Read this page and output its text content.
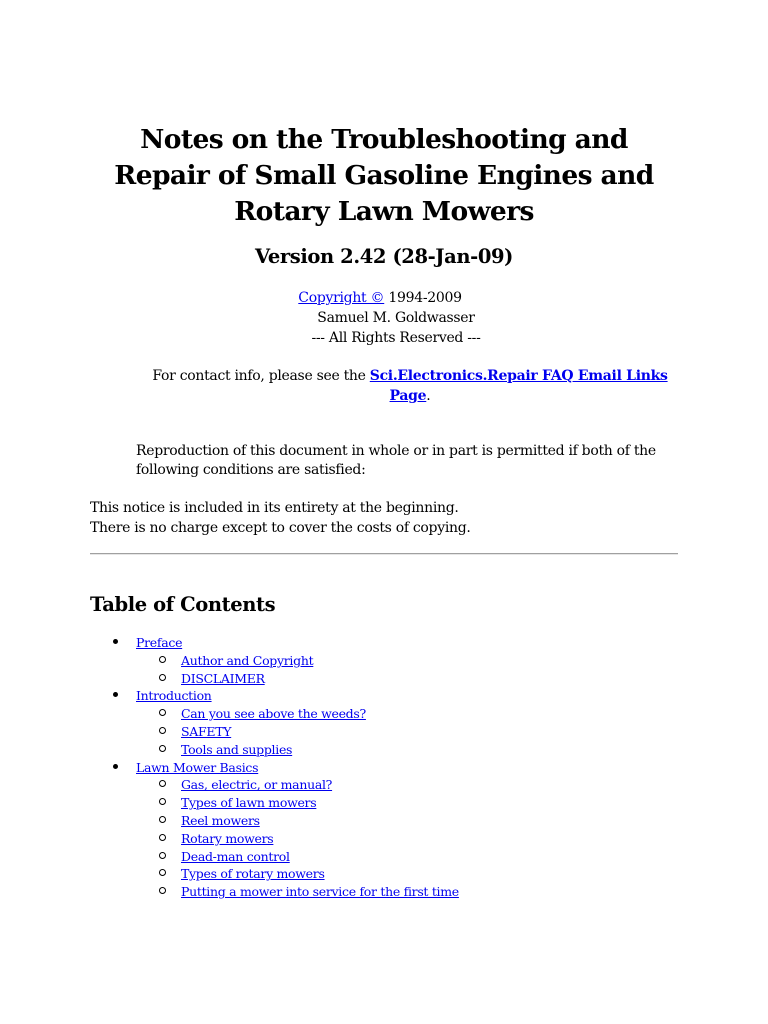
Notes on the Troubleshooting and Repair of Small Gasoline Engines and Rotary Lawn Mowers
Version 2.42 (28-Jan-09)
Copyright © 1994-2009
Samuel M. Goldwasser
--- All Rights Reserved ---
For contact info, please see the Sci.Electronics.Repair FAQ Email Links Page.

Reproduction of this document in whole or in part is permitted if both of the following conditions are satisfied:

This notice is included in its entirety at the beginning.
There is no charge except to cover the costs of copying.
Table of Contents
Preface
Author and Copyright
DISCLAIMER
Introduction
Can you see above the weeds?
SAFETY
Tools and supplies
Lawn Mower Basics
Gas, electric, or manual?
Types of lawn mowers
Reel mowers
Rotary mowers
Dead-man control
Types of rotary mowers
Putting a mower into service for the first time
